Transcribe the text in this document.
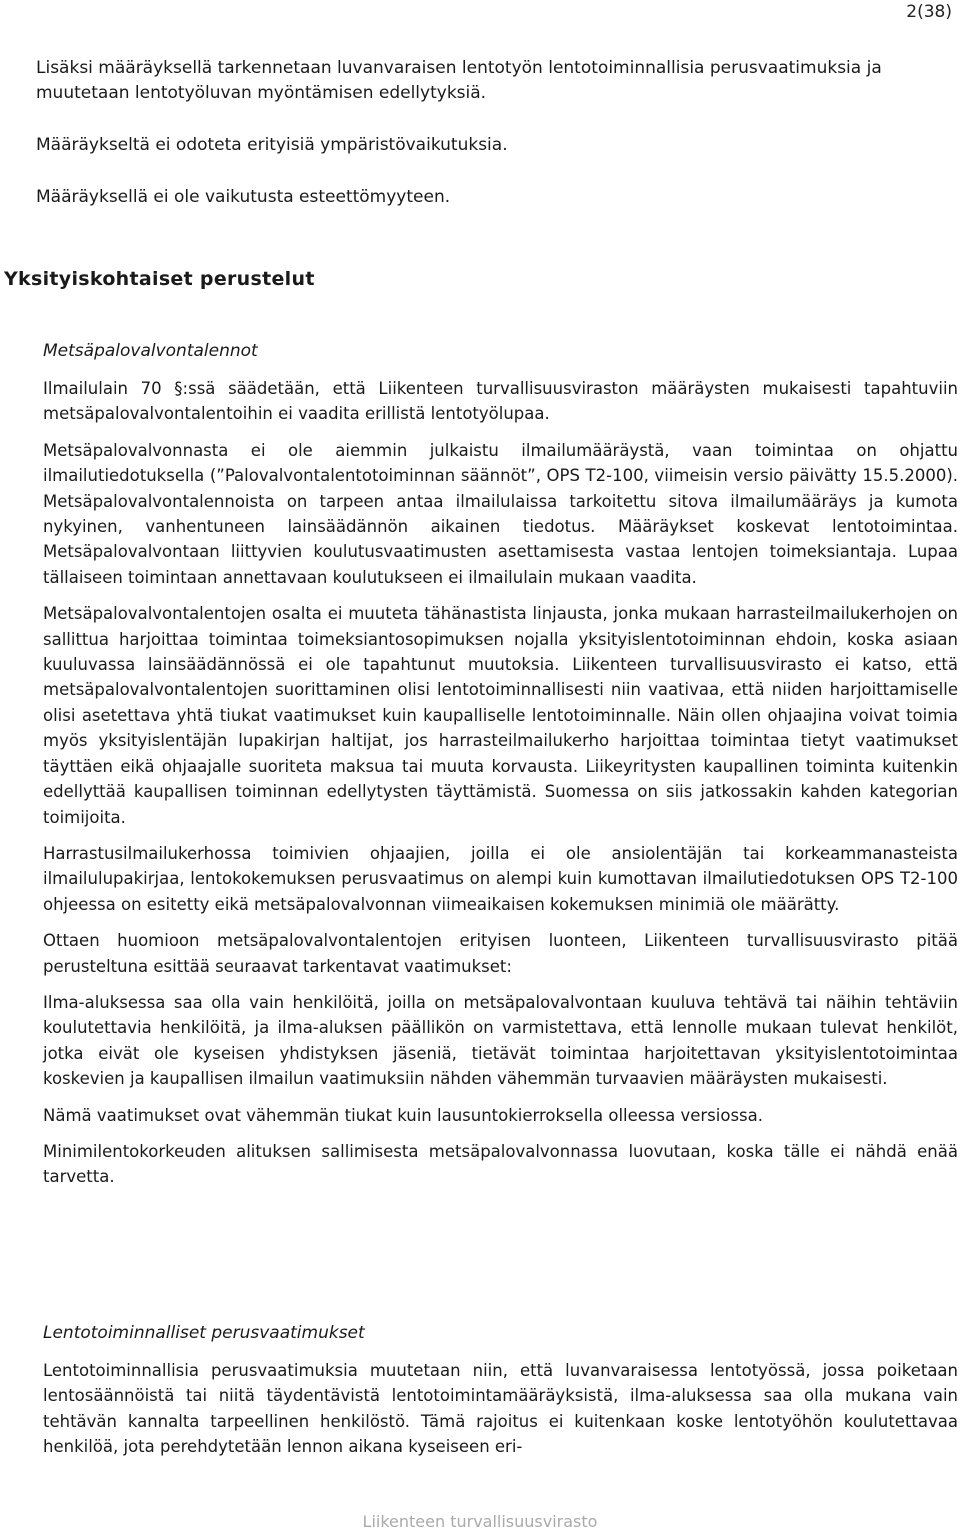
2(38)

Lisäksi määräyksellä tarkennetaan luvanvaraisen lentotyön lentotoiminnallisia perusvaatimuksia ja muutetaan lentotyöluvan myöntämisen edellytyksiä.

Määräykseltä ei odoteta erityisiä ympäristövaikutuksia.

Määräyksellä ei ole vaikutusta esteettömyyteen.

Yksityiskohtaiset perustelut
Metsäpalovalvontalennot

Ilmailulain 70 §:ssä säädetään, että Liikenteen turvallisuusviraston määräysten mukaisesti tapahtuviin metsäpalovalvontalentoihin ei vaadita erillistä lentotyölupaa.

Metsäpalovalvonnasta ei ole aiemmin julkaistu ilmailumääräystä, vaan toimintaa on ohjattu ilmailutiedotuksella (”Palovalvontalentotoiminnan säännöt”, OPS T2-100, viimeisin versio päivätty 15.5.2000). Metsäpalovalvontalennoista on tarpeen antaa ilmailulaissa tarkoitettu sitova ilmailumääräys ja kumota nykyinen, vanhentuneen lainsäädännön aikainen tiedotus. Määräykset koskevat lentotoimintaa. Metsäpalovalvontaan liittyvien koulutusvaatimusten asettamisesta vastaa lentojen toimeksiantaja. Lupaa tällaiseen toimintaan annettavaan koulutukseen ei ilmailulain mukaan vaadita.

Metsäpalovalvontalentojen osalta ei muuteta tähänastista linjausta, jonka mukaan harrasteilmailukerhojen on sallittua harjoittaa toimintaa toimeksiantosopimuksen nojalla yksityislentotoiminnan ehdoin, koska asiaan kuuluvassa lainsäädännössä ei ole tapahtunut muutoksia. Liikenteen turvallisuusvirasto ei katso, että metsäpalovalvontalentojen suorittaminen olisi lentotoiminnallisesti niin vaativaa, että niiden harjoittamiselle olisi asetettava yhtä tiukat vaatimukset kuin kaupalliselle lentotoiminnalle. Näin ollen ohjaajina voivat toimia myös yksityislentäjän lupakirjan haltijat, jos harrasteilmailukerho harjoittaa toimintaa tietyt vaatimukset täyttäen eikä ohjaajalle suoriteta maksua tai muuta korvausta. Liikeyritysten kaupallinen toiminta kuitenkin edellyttää kaupallisen toiminnan edellytysten täyttämistä. Suomessa on siis jatkossakin kahden kategorian toimijoita.

Harrastusilmailukerhossa toimivien ohjaajien, joilla ei ole ansiolentäjän tai korkeammanasteista ilmailulupakirjaa, lentokokemuksen perusvaatimus on alempi kuin kumottavan ilmailutiedotuksen OPS T2-100 ohjeessa on esitetty eikä metsäpalovalvonnan viimeaikaisen kokemuksen minimiä ole määrätty.

Ottaen huomioon metsäpalovalvontalentojen erityisen luonteen, Liikenteen turvallisuusvirasto pitää perusteltuna esittää seuraavat tarkentavat vaatimukset:

Ilma-aluksessa saa olla vain henkilöitä, joilla on metsäpalovalvontaan kuuluva tehtävä tai näihin tehtäviin koulutettavia henkilöitä, ja ilma-aluksen päällikön on varmistettava, että lennolle mukaan tulevat henkilöt, jotka eivät ole kyseisen yhdistyksen jäseniä, tietävät toimintaa harjoitettavan yksityislentotoimintaa koskevien ja kaupallisen ilmailun vaatimuksiin nähden vähemmän turvaavien määräysten mukaisesti.

Nämä vaatimukset ovat vähemmän tiukat kuin lausuntokierroksella olleessa versiossa.

Minimilentokorkeuden alituksen sallimisesta metsäpalovalvonnassa luovutaan, koska tälle ei nähdä enää tarvetta.

Lentotoiminnalliset perusvaatimukset

Lentotoiminnallisia perusvaatimuksia muutetaan niin, että luvanvaraisessa lentotyössä, jossa poiketaan lentosäännöistä tai niitä täydentävistä lentotoimintamääräyksistä, ilma-aluksessa saa olla mukana vain tehtävän kannalta tarpeellinen henkilöstö. Tämä rajoitus ei kuitenkaan koske lentotyöhön koulutettavaa henkilöä, jota perehdytetään lennon aikana kyseiseen eri-

Liikenteen turvallisuusvirasto
